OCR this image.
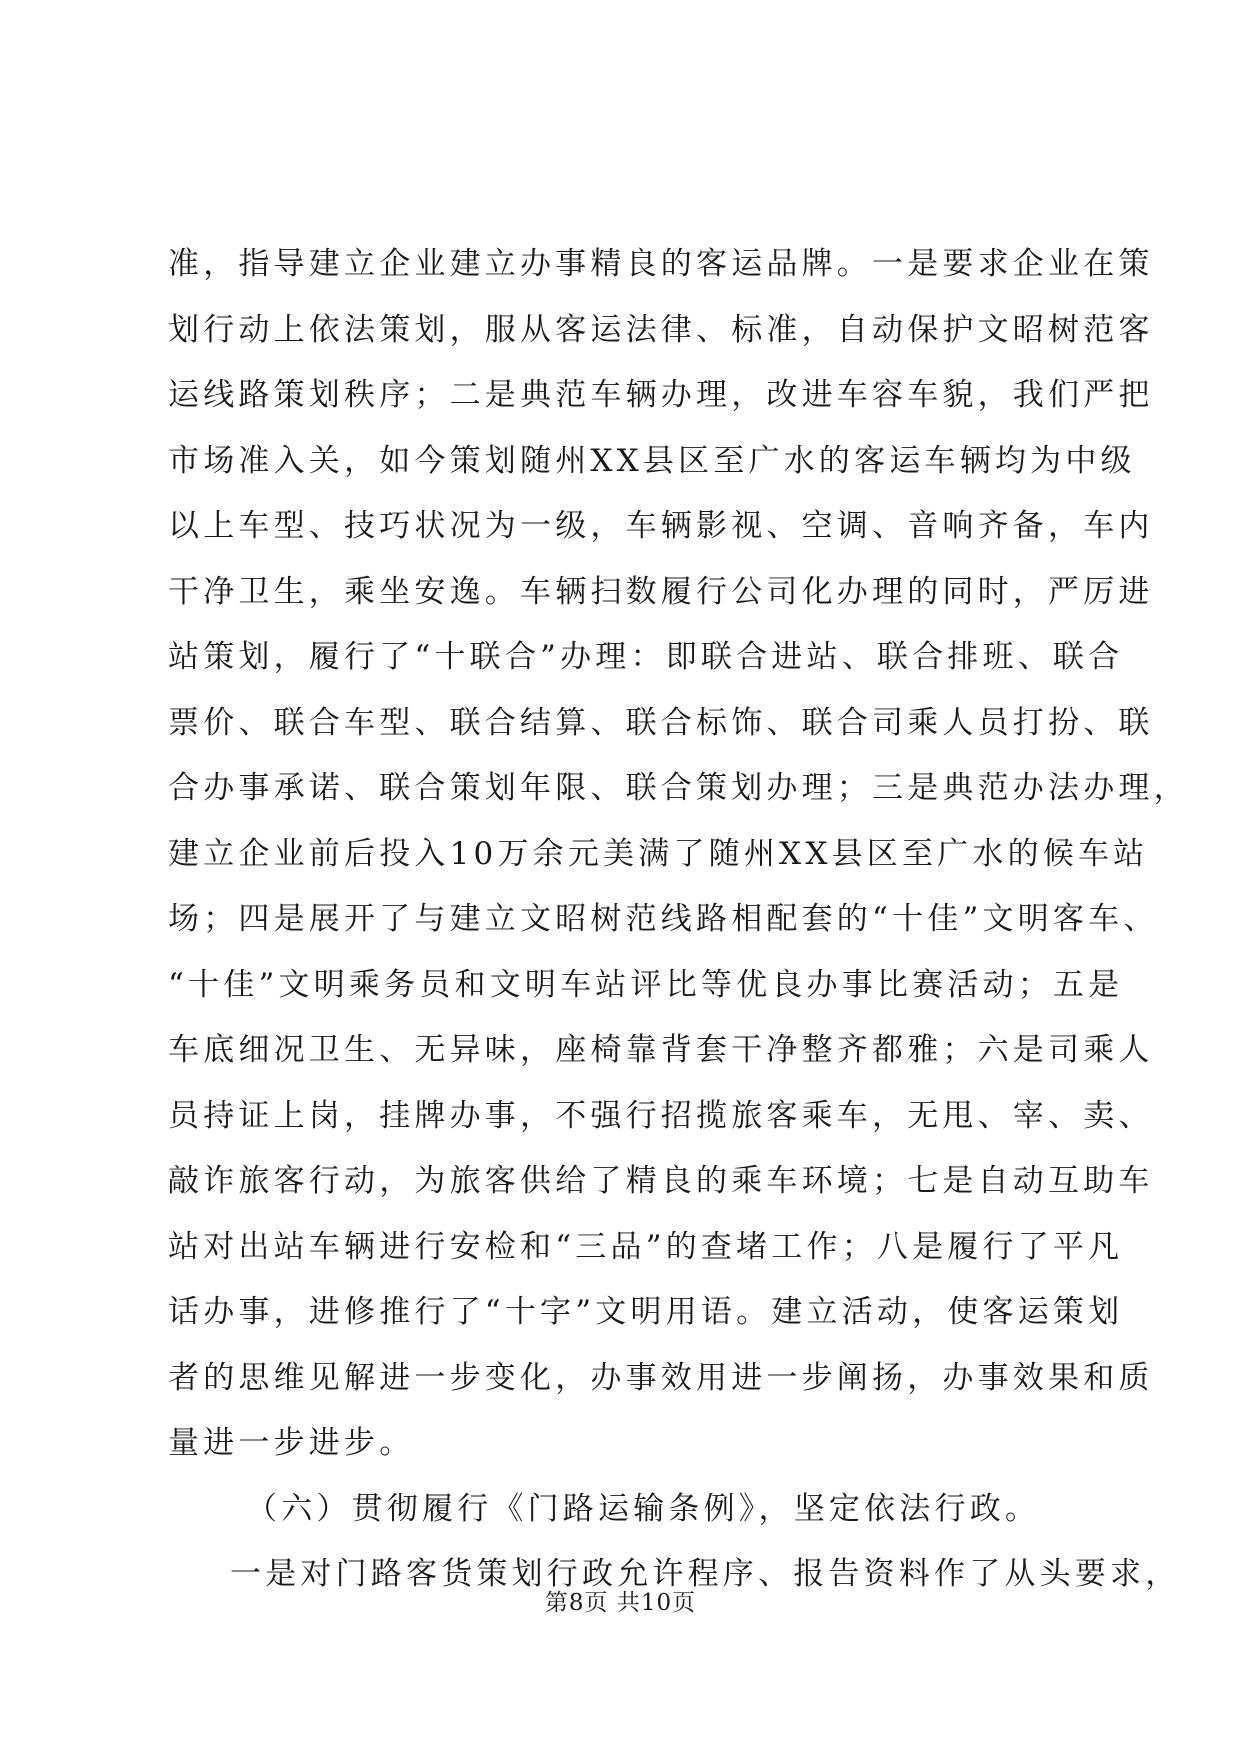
准，指导建立企业建立办事精良的客运品牌。一是要求企业在策
划行动上依法策划，服从客运法律、标准，自动保护文昭树范客
运线路策划秩序；二是典范车辆办理，改进车容车貌，我们严把
市场准入关，如今策划随州XX县区至广水的客运车辆均为中级
以上车型、技巧状况为一级，车辆影视、空调、音响齐备，车内
干净卫生，乘坐安逸。车辆扫数履行公司化办理的同时，严厉进
站策划，履行了“十联合”办理：即联合进站、联合排班、联合
票价、联合车型、联合结算、联合标饰、联合司乘人员打扮、联
合办事承诺、联合策划年限、联合策划办理；三是典范办法办理，
建立企业前后投入10万余元美满了随州XX县区至广水的候车站
场；四是展开了与建立文昭树范线路相配套的“十佳”文明客车、
“十佳”文明乘务员和文明车站评比等优良办事比赛活动；五是
车底细况卫生、无异味，座椅靠背套干净整齐都雅；六是司乘人
员持证上岗，挂牌办事，不强行招揽旅客乘车，无甩、宰、卖、
敲诈旅客行动，为旅客供给了精良的乘车环境；七是自动互助车
站对出站车辆进行安检和“三品”的查堵工作；八是履行了平凡
话办事，进修推行了“十字”文明用语。建立活动，使客运策划
者的思维见解进一步变化，办事效用进一步阐扬，办事效果和质
量进一步进步。
（六）贯彻履行《门路运输条例》，坚定依法行政。
一是对门路客货策划行政允许程序、报告资料作了从头要求，
第8页 共10页
